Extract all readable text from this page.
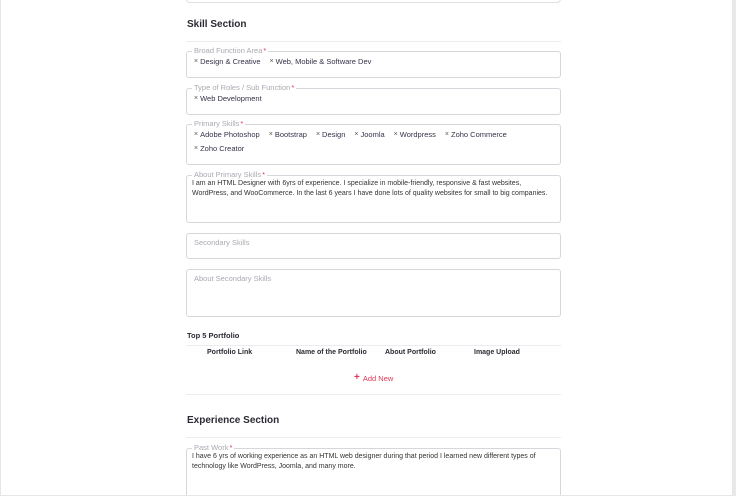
Skill Section
Broad Function Area*
× Design & Creative × Web, Mobile & Software Dev
Type of Roles / Sub Function*
× Web Development
Primary Skills*
× Adobe Photoshop × Bootstrap × Design × Joomla × Wordpress × Zoho Commerce
× Zoho Creator
About Primary Skills*
I am an HTML Designer with 6yrs of experience. I specialize in mobile-friendly, responsive & fast websites, WordPress, and WooCommerce. In the last 6 years I have done lots of quality websites for small to big companies.
Secondary Skills
About Secondary Skills
Top 5 Portfolio
Portfolio Link	Name of the Portfolio	About Portfolio	Image Upload
+ Add New
Experience Section
Past Work*
I have 6 yrs of working experience as an HTML web designer during that period I learned new different types of technology like WordPress, Joomla, and many more.
